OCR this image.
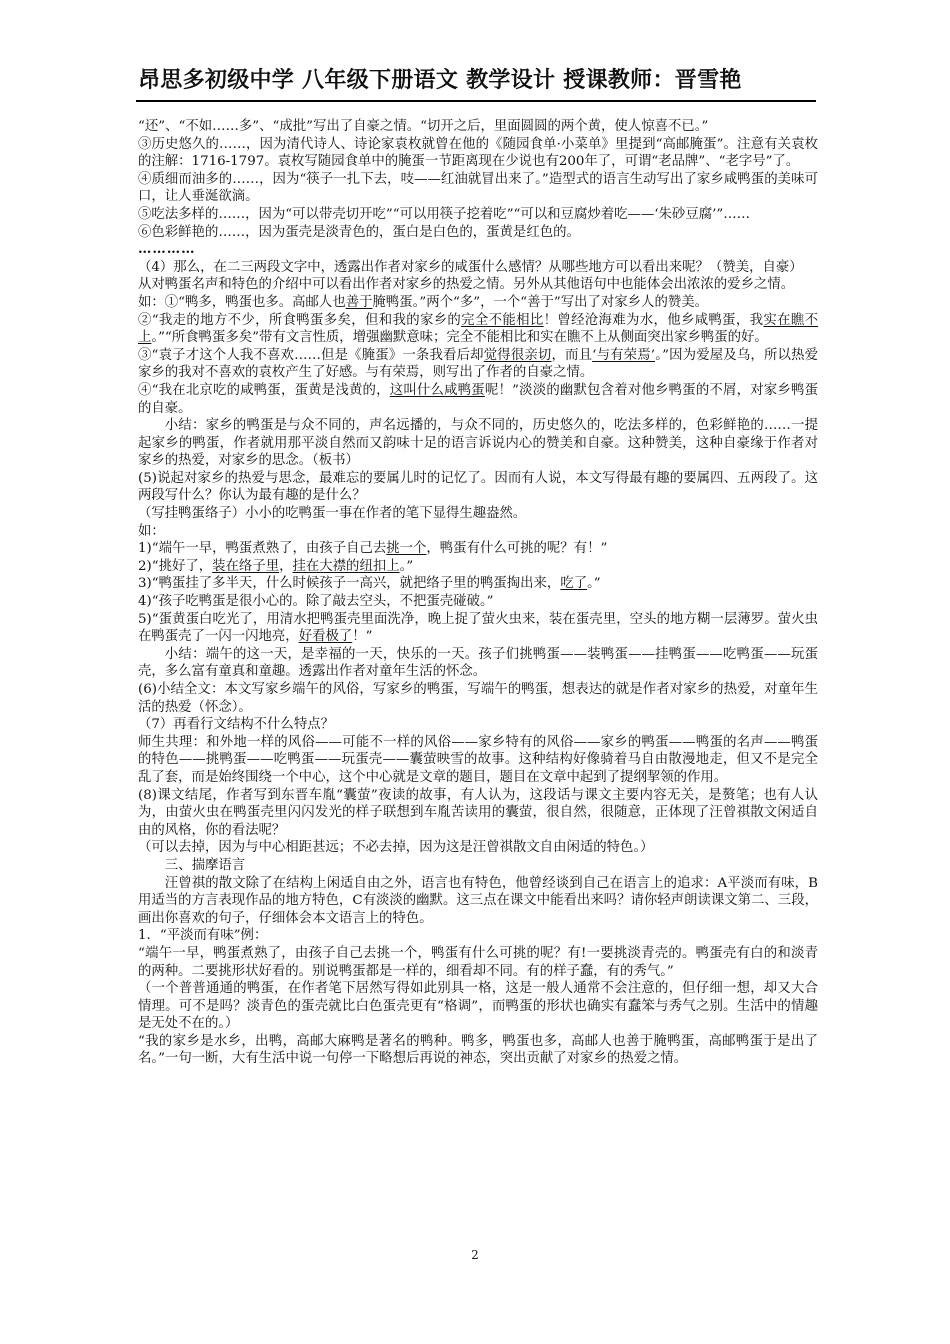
昂思多初级中学 八年级下册语文 教学设计 授课教师：晋雪艳

“还”、“不如……多”、“成批”写出了自豪之情。“切开之后，里面圆圆的两个黄，使人惊喜不已。”

③历史悠久的……，因为清代诗人、诗论家袁枚就曾在他的《随园食单·小菜单》里提到“高邮腌蛋”。注意有关袁枚的注解：1716-1797。袁枚写随园食单中的腌蛋一节距离现在少说也有200年了，可谓“老品牌”、“老字号”了。

④质细而油多的……，因为“筷子一扎下去，吱——红油就冒出来了。”造型式的语言生动写出了家乡咸鸭蛋的美味可口，让人垂涎欲滴。

⑤吃法多样的……，因为“可以带壳切开吃”“可以用筷子挖着吃”“可以和豆腐炒着吃——‘朱砂豆腐’”……

⑥色彩鲜艳的……，因为蛋壳是淡青色的，蛋白是白色的，蛋黄是红色的。

…………

（4）那么，在二三两段文字中，透露出作者对家乡的咸蛋什么感情？从哪些地方可以看出来呢？（赞美，自豪）

从对鸭蛋名声和特色的介绍中可以看出作者对家乡的热爱之情。另外从其他语句中也能体会出浓浓的爱乡之情。

如：①“鸭多，鸭蛋也多。高邮人也善于腌鸭蛋。”两个“多”，一个“善于”写出了对家乡人的赞美。

②“我走的地方不少，所食鸭蛋多矣，但和我的家乡的完全不能相比！曾经沧海难为水，他乡咸鸭蛋，我实在瞧不上。”“所食鸭蛋多矣”带有文言性质，增强幽默意味；完全不能相比和实在瞧不上从侧面突出家乡鸭蛋的好。

③“袁子才这个人我不喜欢……但是《腌蛋》一条我看后却觉得很亲切，而且‘与有荣焉’。”因为爱屋及乌，所以热爱家乡的我对不喜欢的袁枚产生了好感。与有荣焉，则写出了作者的自豪之情。

④“我在北京吃的咸鸭蛋，蛋黄是浅黄的，这叫什么咸鸭蛋呢！”淡淡的幽默包含着对他乡鸭蛋的不屑，对家乡鸭蛋的自豪。

小结：家乡的鸭蛋是与众不同的，声名远播的，与众不同的，历史悠久的，吃法多样的，色彩鲜艳的……一提起家乡的鸭蛋，作者就用那平淡自然而又韵味十足的语言诉说内心的赞美和自豪。这种赞美，这种自豪缘于作者对家乡的热爱，对家乡的思念。（板书）

(5)说起对家乡的热爱与思念，最难忘的要属儿时的记忆了。因而有人说，本文写得最有趣的要属四、五两段了。这两段写什么？你认为最有趣的是什么？

（写挂鸭蛋络子）小小的吃鸭蛋一事在作者的笔下显得生趣盎然。

如：

1)“端午一早，鸭蛋煮熟了，由孩子自己去挑一个，鸭蛋有什么可挑的呢？有！”

2)“挑好了，装在络子里，挂在大襟的纽扣上。”

3)“鸭蛋挂了多半天，什么时候孩子一高兴，就把络子里的鸭蛋掏出来，吃了。”

4)“孩子吃鸭蛋是很小心的。除了敲去空头，不把蛋壳碰破。”

5)“蛋黄蛋白吃光了，用清水把鸭蛋壳里面洗净，晚上捉了萤火虫来，装在蛋壳里，空头的地方糊一层薄罗。萤火虫在鸭蛋壳了一闪一闪地亮，好看极了！”

小结：端午的这一天，是幸福的一天，快乐的一天。孩子们挑鸭蛋——装鸭蛋——挂鸭蛋——吃鸭蛋——玩蛋壳，多么富有童真和童趣。透露出作者对童年生活的怀念。

(6)小结全文：本文写家乡端午的风俗，写家乡的鸭蛋，写端午的鸭蛋，想表达的就是作者对家乡的热爱，对童年生活的热爱（怀念）。

（7）再看行文结构不什么特点？

师生共理：和外地一样的风俗——可能不一样的风俗——家乡特有的风俗——家乡的鸭蛋——鸭蛋的名声——鸭蛋的特色——挑鸭蛋——吃鸭蛋——玩蛋壳——囊萤映雪的故事。这种结构好像骑着马自由散漫地走，但又不是完全乱了套，而是始终围绕一个中心，这个中心就是文章的题目，题目在文章中起到了提纲挈领的作用。

(8)课文结尾，作者写到东晋车胤“囊萤”夜读的故事，有人认为，这段话与课文主要内容无关，是赘笔；也有人认为，由萤火虫在鸭蛋壳里闪闪发光的样子联想到车胤苦读用的囊萤，很自然，很随意，正体现了汪曾祺散文闲适自由的风格，你的看法呢？

（可以去掉，因为与中心相距甚远；不必去掉，因为这是汪曾祺散文自由闲适的特色。）

三、揣摩语言

汪曾祺的散文除了在结构上闲适自由之外，语言也有特色，他曾经谈到自己在语言上的追求：A平淡而有味，B用适当的方言表现作品的地方特色，C有淡淡的幽默。这三点在课文中能看出来吗？请你轻声朗读课文第二、三段，画出你喜欢的句子，仔细体会本文语言上的特色。

1．“平淡而有味”例：

“端午一早，鸭蛋煮熟了，由孩子自己去挑一个，鸭蛋有什么可挑的呢？有!一要挑淡青壳的。鸭蛋壳有白的和淡青的两种。二要挑形状好看的。别说鸭蛋都是一样的，细看却不同。有的样子蠢，有的秀气。”

（一个普普通通的鸭蛋，在作者笔下居然写得如此别具一格，这是一般人通常不会注意的，但仔细一想，却又大合情理。可不是吗？淡青色的蛋壳就比白色蛋壳更有“格调”，而鸭蛋的形状也确实有蠢笨与秀气之别。生活中的情趣是无处不在的。）

“我的家乡是水乡，出鸭，高邮大麻鸭是著名的鸭种。鸭多，鸭蛋也多，高邮人也善于腌鸭蛋，高邮鸭蛋于是出了名。”一句一断，大有生活中说一句停一下略想后再说的神态，突出贡献了对家乡的热爱之情。

2
